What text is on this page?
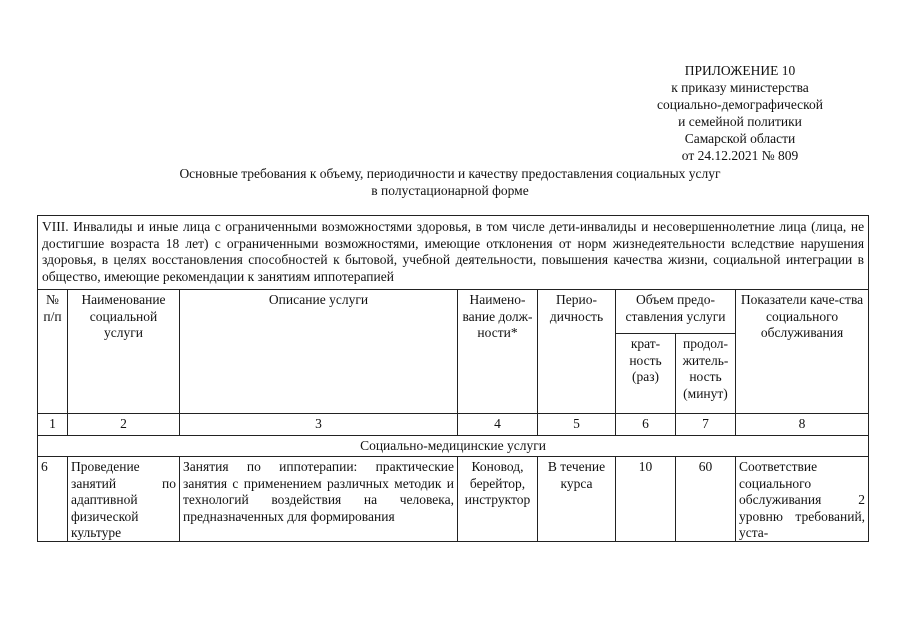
ПРИЛОЖЕНИЕ 10
к приказу министерства
социально-демографической
и семейной политики
Самарской области
от 24.12.2021 № 809
Основные требования к объему, периодичности и качеству предоставления социальных услуг
в полустационарной форме
VIII. Инвалиды и иные лица с ограниченными возможностями здоровья, в том числе дети-инвалиды и несовершеннолетние лица (лица, не достигшие возраста 18 лет) с ограниченными возможностями, имеющие отклонения от норм жизнедеятельности вследствие нарушения здоровья, в целях восстановления способностей к бытовой, учебной деятельности, повышения качества жизни, социальной интеграции в общество, имеющие рекомендации к занятиям иппотерапией							
№ п/п	Наименование социальной услуги	Описание услуги	Наимено-вание долж-ности*	Перио-дичность	Объем предо-ставления услуги		Показатели каче-ства социального обслуживания
					крат-ность (раз)	продол-житель-ность (минут)	
1	2	3	4	5	6	7	8
Социально-медицинские услуги							

6	Проведение занятий по адаптивной физической культуре	Занятия по иппотерапии: практические занятия с применением различных методик и технологий воздействия на человека, предназначенных для формирования	Коновод, берейтор, инструктор	В течение курса	10	60	Соответствие социального обслуживания 2 уровню требований, уста-
